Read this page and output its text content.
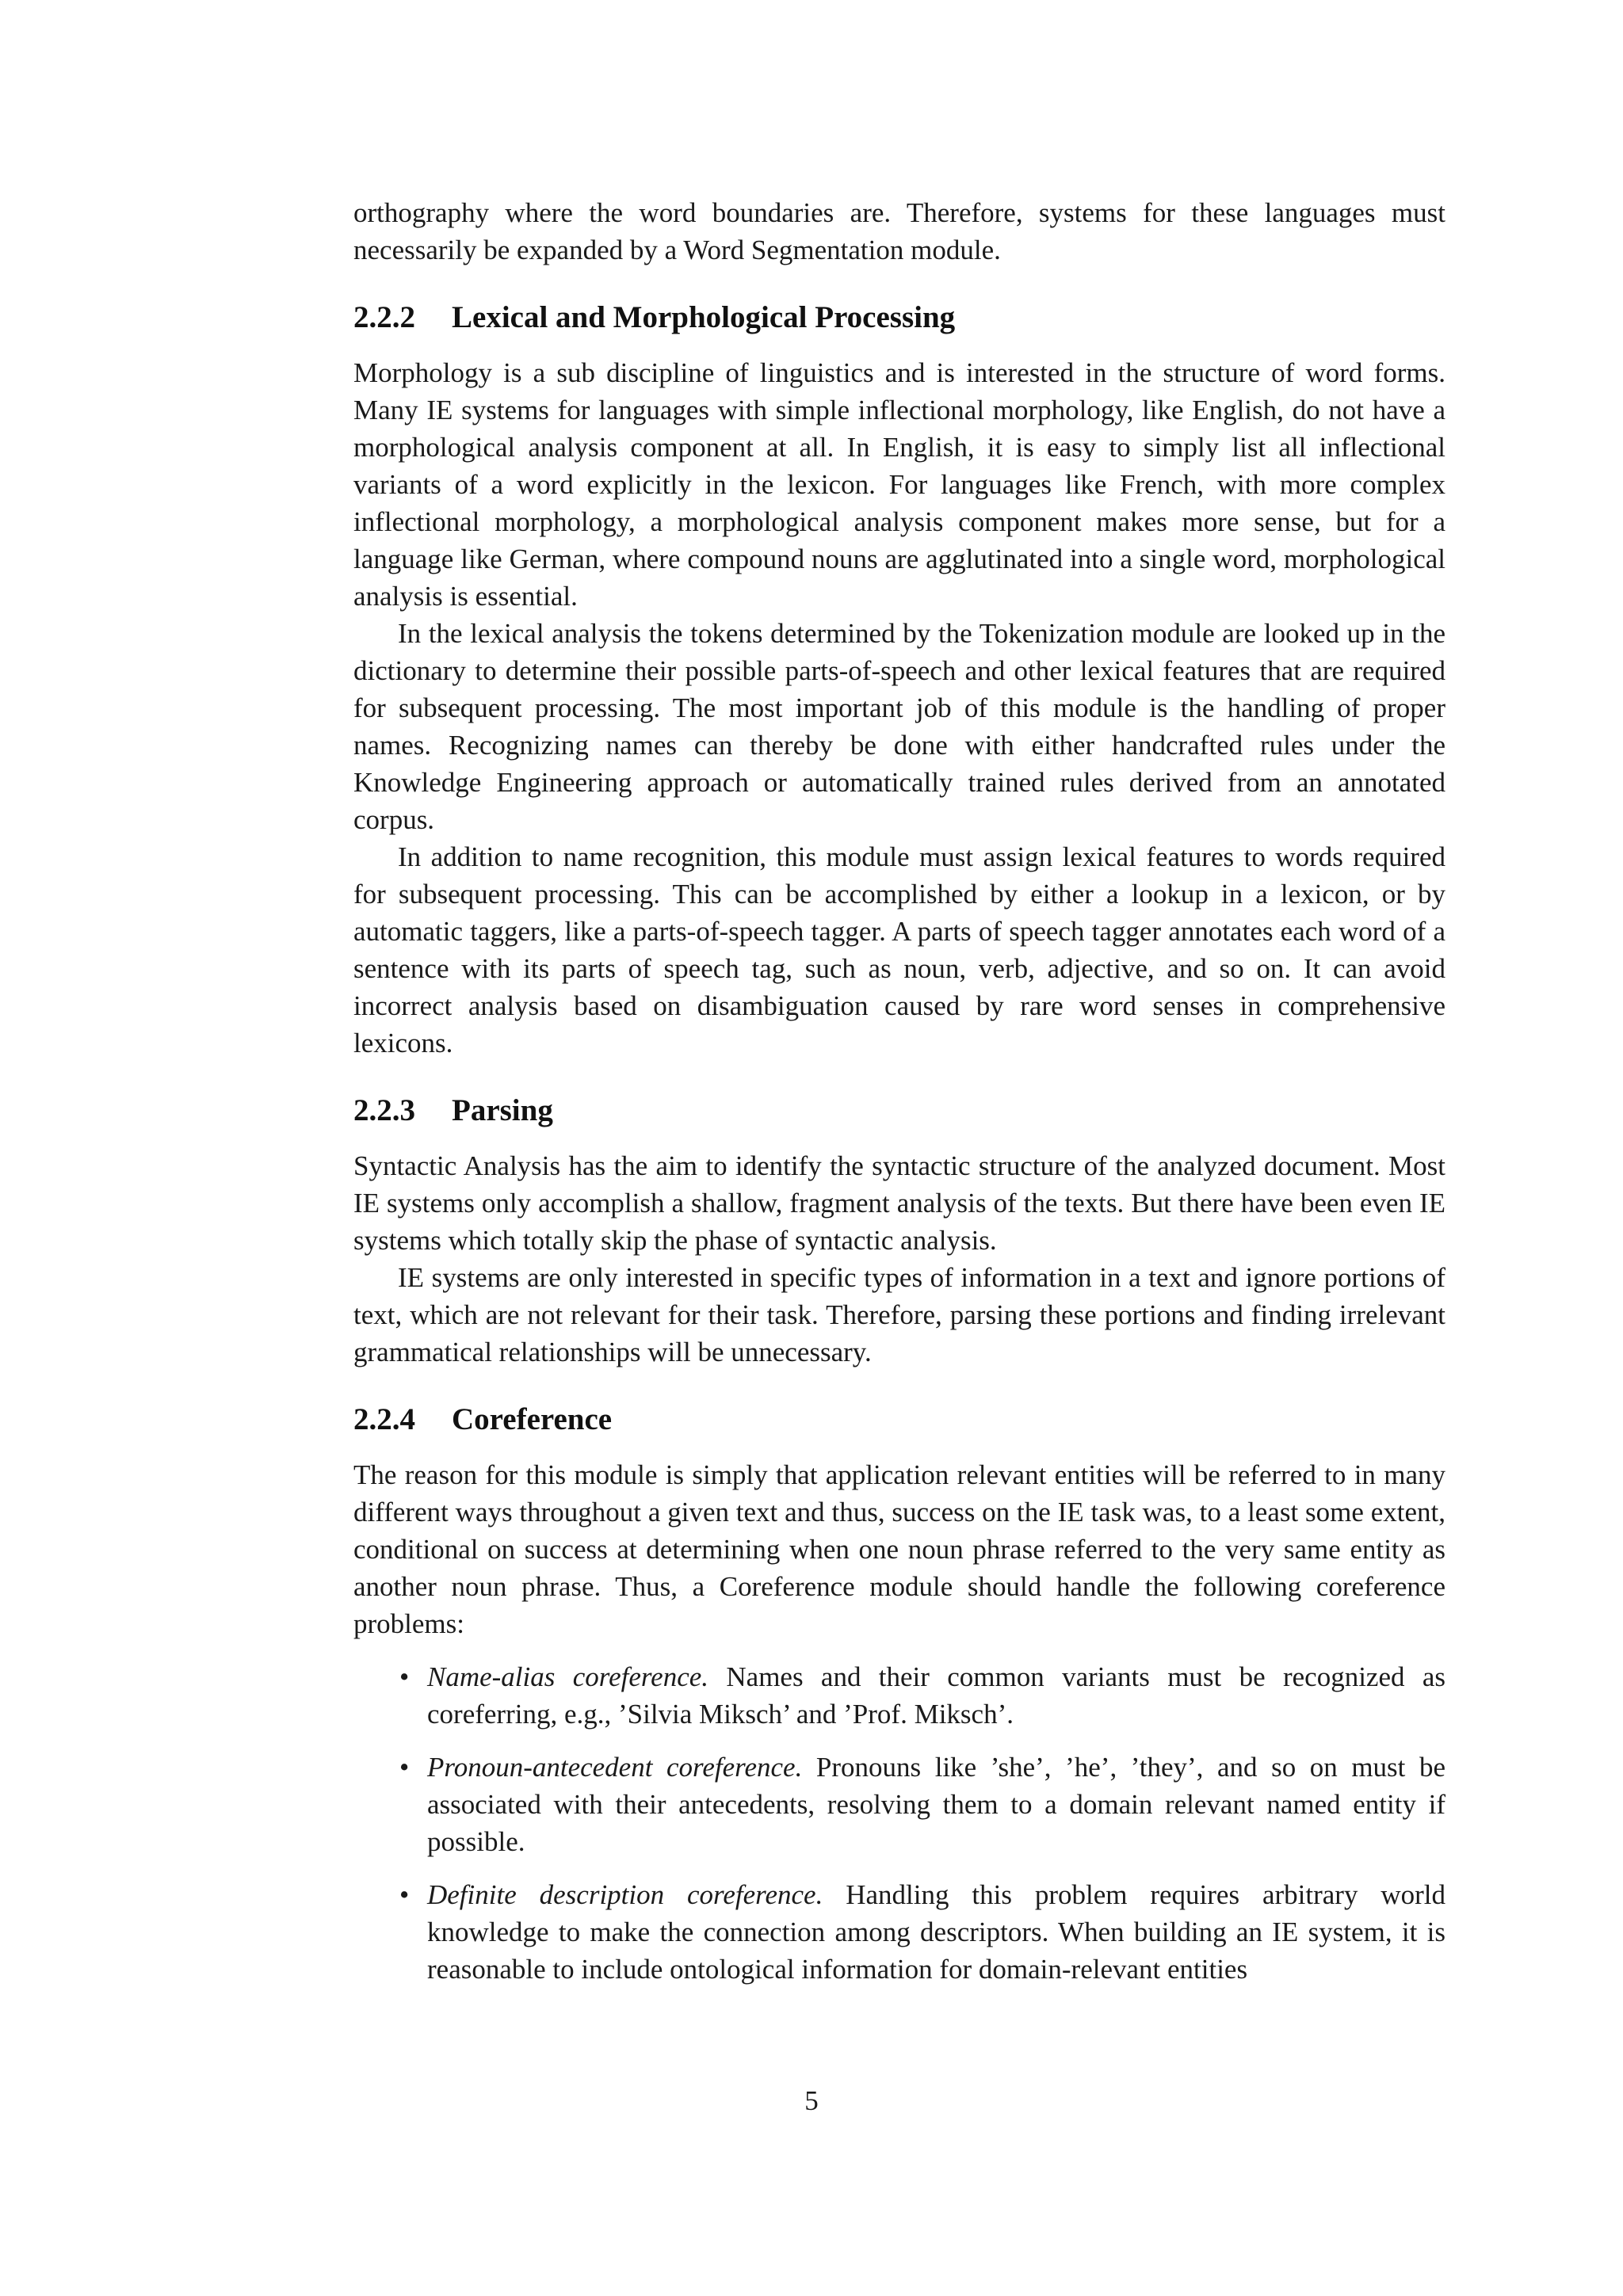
orthography where the word boundaries are. Therefore, systems for these languages must necessarily be expanded by a Word Segmentation module.

2.2.2 Lexical and Morphological Processing

Morphology is a sub discipline of linguistics and is interested in the structure of word forms. Many IE systems for languages with simple inflectional morphology, like English, do not have a morphological analysis component at all. In English, it is easy to simply list all inflectional variants of a word explicitly in the lexicon. For languages like French, with more complex inflectional morphology, a morphological analysis component makes more sense, but for a language like German, where compound nouns are agglutinated into a single word, morphological analysis is essential.

In the lexical analysis the tokens determined by the Tokenization module are looked up in the dictionary to determine their possible parts-of-speech and other lexical features that are required for subsequent processing. The most important job of this module is the handling of proper names. Recognizing names can thereby be done with either handcrafted rules under the Knowledge Engineering approach or automatically trained rules derived from an annotated corpus.

In addition to name recognition, this module must assign lexical features to words required for subsequent processing. This can be accomplished by either a lookup in a lexicon, or by automatic taggers, like a parts-of-speech tagger. A parts of speech tagger annotates each word of a sentence with its parts of speech tag, such as noun, verb, adjective, and so on. It can avoid incorrect analysis based on disambiguation caused by rare word senses in comprehensive lexicons.

2.2.3 Parsing

Syntactic Analysis has the aim to identify the syntactic structure of the analyzed document. Most IE systems only accomplish a shallow, fragment analysis of the texts. But there have been even IE systems which totally skip the phase of syntactic analysis.

IE systems are only interested in specific types of information in a text and ignore portions of text, which are not relevant for their task. Therefore, parsing these portions and finding irrelevant grammatical relationships will be unnecessary.

2.2.4 Coreference

The reason for this module is simply that application relevant entities will be referred to in many different ways throughout a given text and thus, success on the IE task was, to a least some extent, conditional on success at determining when one noun phrase referred to the very same entity as another noun phrase. Thus, a Coreference module should handle the following coreference problems:

• Name-alias coreference. Names and their common variants must be recognized as coreferring, e.g., ’Silvia Miksch’ and ’Prof. Miksch’.
• Pronoun-antecedent coreference. Pronouns like ’she’, ’he’, ’they’, and so on must be associated with their antecedents, resolving them to a domain relevant named entity if possible.
• Definite description coreference. Handling this problem requires arbitrary world knowledge to make the connection among descriptors. When building an IE system, it is reasonable to include ontological information for domain-relevant entities
5
